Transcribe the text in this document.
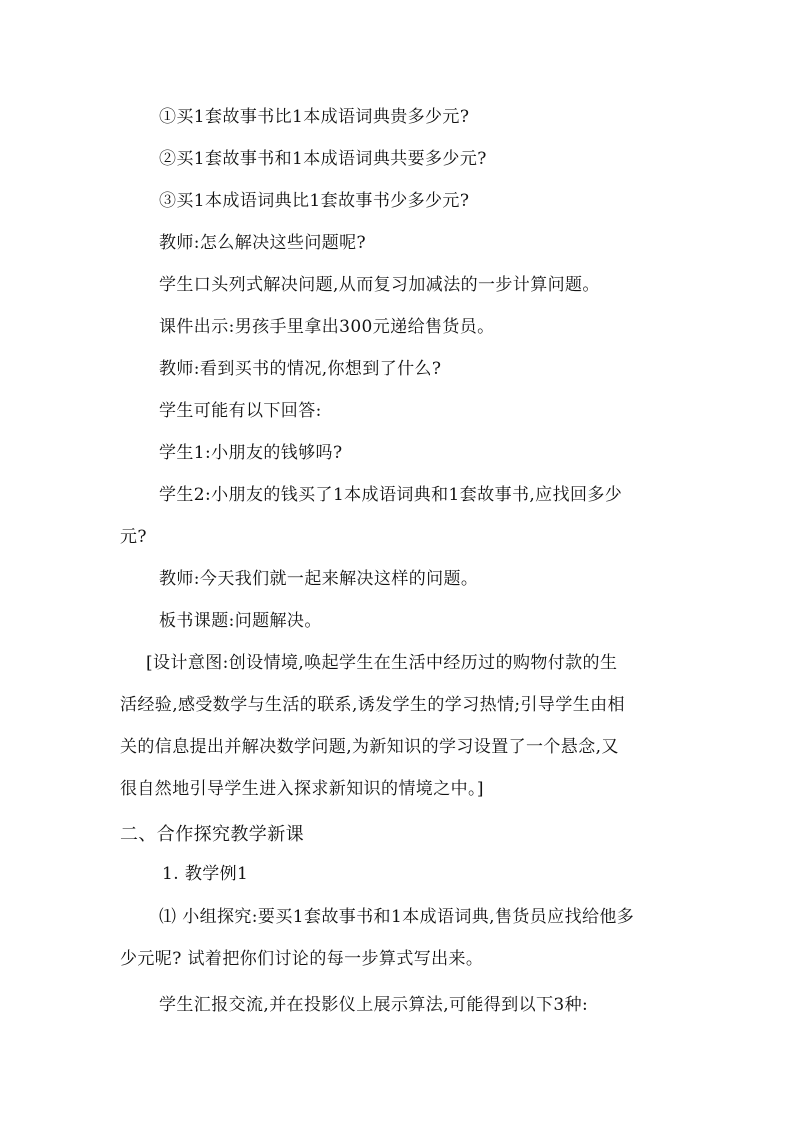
①买1套故事书比1本成语词典贵多少元?
②买1套故事书和1本成语词典共要多少元?
③买1本成语词典比1套故事书少多少元?
教师:怎么解决这些问题呢?
学生口头列式解决问题,从而复习加减法的一步计算问题。
课件出示:男孩手里拿出300元递给售货员。
教师:看到买书的情况,你想到了什么?
学生可能有以下回答:
学生1:小朋友的钱够吗?
学生2:小朋友的钱买了1本成语词典和1套故事书,应找回多少
元?
教师:今天我们就一起来解决这样的问题。
板书课题:问题解决。
[设计意图:创设情境,唤起学生在生活中经历过的购物付款的生
活经验,感受数学与生活的联系,诱发学生的学习热情;引导学生由相
关的信息提出并解决数学问题,为新知识的学习设置了一个悬念,又
很自然地引导学生进入探求新知识的情境之中。]
二、合作探究教学新课
1. 教学例1
⑴ 小组探究:要买1套故事书和1本成语词典,售货员应找给他多
少元呢? 试着把你们讨论的每一步算式写出来。
学生汇报交流,并在投影仪上展示算法,可能得到以下3种:
